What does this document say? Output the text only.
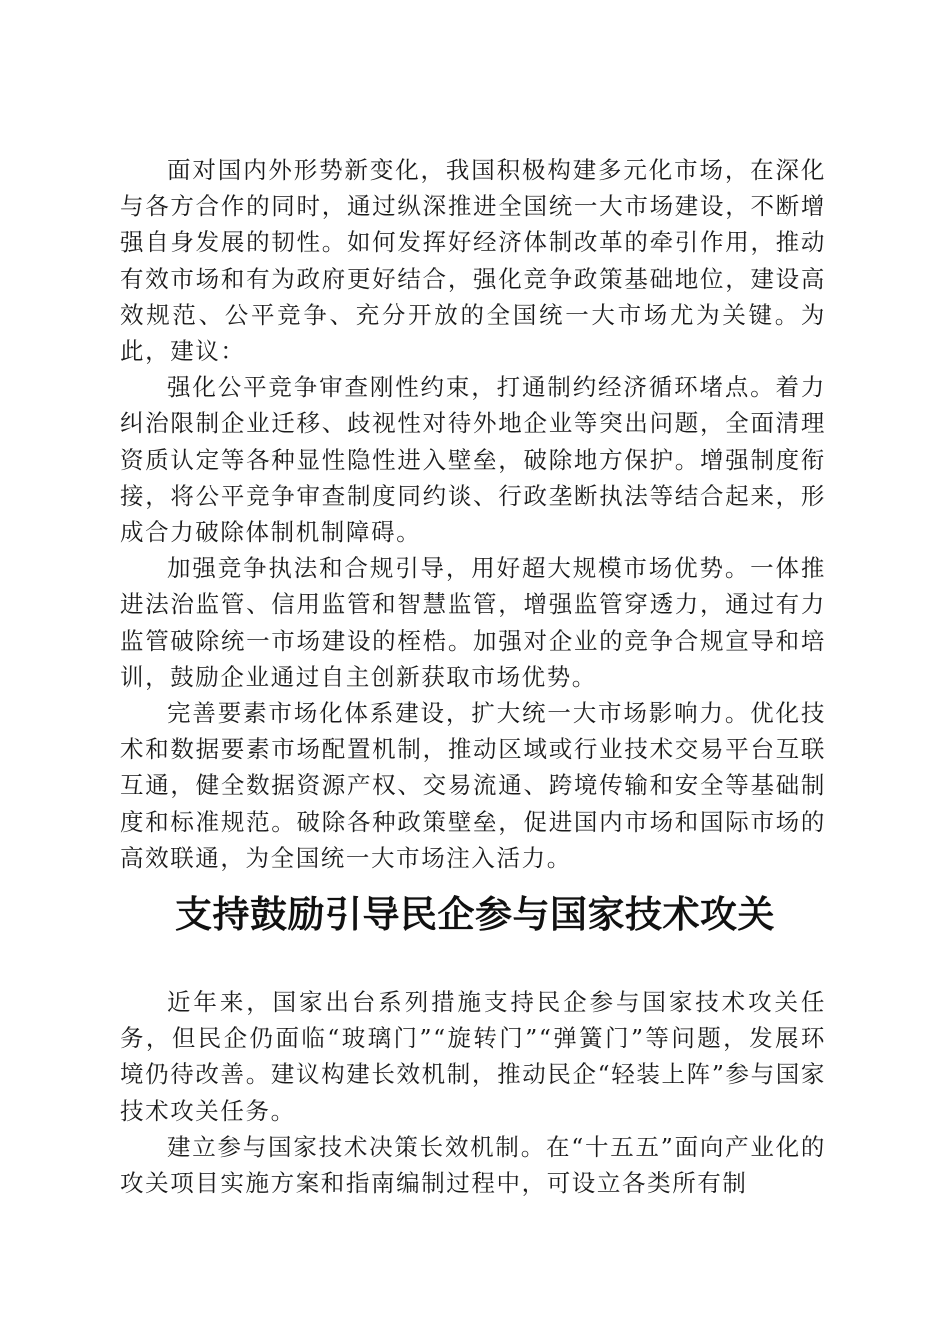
面对国内外形势新变化，我国积极构建多元化市场，在深化与各方合作的同时，通过纵深推进全国统一大市场建设，不断增强自身发展的韧性。如何发挥好经济体制改革的牵引作用，推动有效市场和有为政府更好结合，强化竞争政策基础地位，建设高效规范、公平竞争、充分开放的全国统一大市场尤为关键。为此，建议：

强化公平竞争审查刚性约束，打通制约经济循环堵点。着力纠治限制企业迁移、歧视性对待外地企业等突出问题，全面清理资质认定等各种显性隐性进入壁垒，破除地方保护。增强制度衔接，将公平竞争审查制度同约谈、行政垄断执法等结合起来，形成合力破除体制机制障碍。

加强竞争执法和合规引导，用好超大规模市场优势。一体推进法治监管、信用监管和智慧监管，增强监管穿透力，通过有力监管破除统一市场建设的桎梏。加强对企业的竞争合规宣导和培训，鼓励企业通过自主创新获取市场优势。

完善要素市场化体系建设，扩大统一大市场影响力。优化技术和数据要素市场配置机制，推动区域或行业技术交易平台互联互通，健全数据资源产权、交易流通、跨境传输和安全等基础制度和标准规范。破除各种政策壁垒，促进国内市场和国际市场的高效联通，为全国统一大市场注入活力。

支持鼓励引导民企参与国家技术攻关

近年来，国家出台系列措施支持民企参与国家技术攻关任务，但民企仍面临“玻璃门”“旋转门”“弹簧门”等问题，发展环境仍待改善。建议构建长效机制，推动民企“轻装上阵”参与国家技术攻关任务。

建立参与国家技术决策长效机制。在“十五五”面向产业化的攻关项目实施方案和指南编制过程中，可设立各类所有制
